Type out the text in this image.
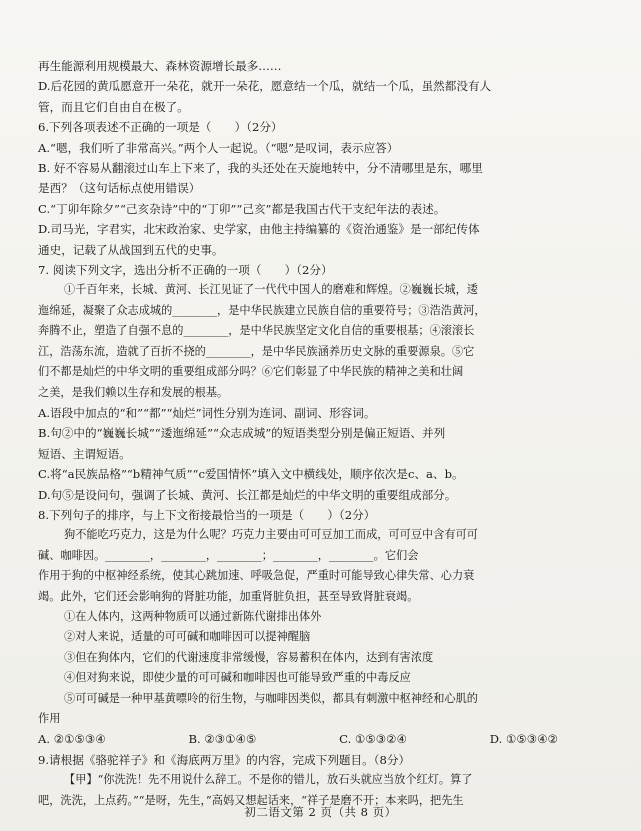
再生能源利用规模最大、森林资源增长最多……
D.后花园的黄瓜愿意开一朵花，就开一朵花，愿意结一个瓜，就结一个瓜，虽然都没有人
管，而且它们自由自在极了。
6.下列各项表述不正确的一项是（　　）（2分）
A.“嗯，我们听了非常高兴。”两个人一起说。（“嗯”是叹词，表示应答）
B. 好不容易从翻滚过山车上下来了，我的头还处在天旋地转中，分不清哪里是东，哪里
是西？（这句话标点使用错误）
C.“丁卯年除夕”“己亥杂诗”中的“丁卯”“己亥”都是我国古代干支纪年法的表述。
D.司马光，字君实，北宋政治家、史学家，由他主持编纂的《资治通鉴》是一部纪传体
通史，记载了从战国到五代的史事。
7. 阅读下列文字，选出分析不正确的一项（　　）（2分）
①千百年来，长城、黄河、长江见证了一代代中国人的磨难和辉煌。②巍巍长城，逶
迤绵延，凝聚了众志成城的________，是中华民族建立民族自信的重要符号；③浩浩黄河，
奔腾不止，塑造了自强不息的________，是中华民族坚定文化自信的重要根基；④滚滚长
江，浩荡东流，造就了百折不挠的________，是中华民族涵养历史文脉的重要源泉。⑤它
们不都是灿烂的中华文明的重要组成部分吗？⑥它们彰显了中华民族的精神之美和壮阔
之美，是我们赖以生存和发展的根基。
A.语段中加点的“和”“都”“灿烂”词性分别为连词、副词、形容词。
B.句②中的“巍巍长城”“逶迤绵延”“众志成城”的短语类型分别是偏正短语、并列
短语、主谓短语。
C.将“a民族品格”“b精神气质”“c爱国情怀”填入文中横线处，顺序依次是c、a、b。
D.句⑤是设问句，强调了长城、黄河、长江都是灿烂的中华文明的重要组成部分。
8.下列句子的排序，与上下文衔接最恰当的一项是（　　）（2分）
狗不能吃巧克力，这是为什么呢？巧克力主要由可可豆加工而成，可可豆中含有可可
碱、咖啡因。________，________，________；________，________。它们会
作用于狗的中枢神经系统，使其心跳加速、呼吸急促，严重时可能导致心律失常、心力衰
竭。此外，它们还会影响狗的肾脏功能，加重肾脏负担，甚至导致肾脏衰竭。
①在人体内，这两种物质可以通过新陈代谢排出体外
②对人来说，适量的可可碱和咖啡因可以提神醒脑
③但在狗体内，它们的代谢速度非常缓慢，容易蓄积在体内，达到有害浓度
④但对狗来说，即使少量的可可碱和咖啡因也可能导致严重的中毒反应
⑤可可碱是一种甲基黄嘌呤的衍生物，与咖啡因类似，都具有刺激中枢神经和心肌的
作用
A. ②①⑤③④	B. ②③①④⑤	C. ①⑤③②④	D. ①⑤③④②
9.请根据《骆驼祥子》和《海底两万里》的内容，完成下列题目。（8分）
【甲】“你洗洗！先不用说什么辞工。不是你的错儿，放石头就应当放个红灯。算了
吧，洗洗，上点药。”“是呀，先生，”高妈又想起话来，“祥子是磨不开；本来吗，把先生
初二语文第 2 页（共 8 页）
